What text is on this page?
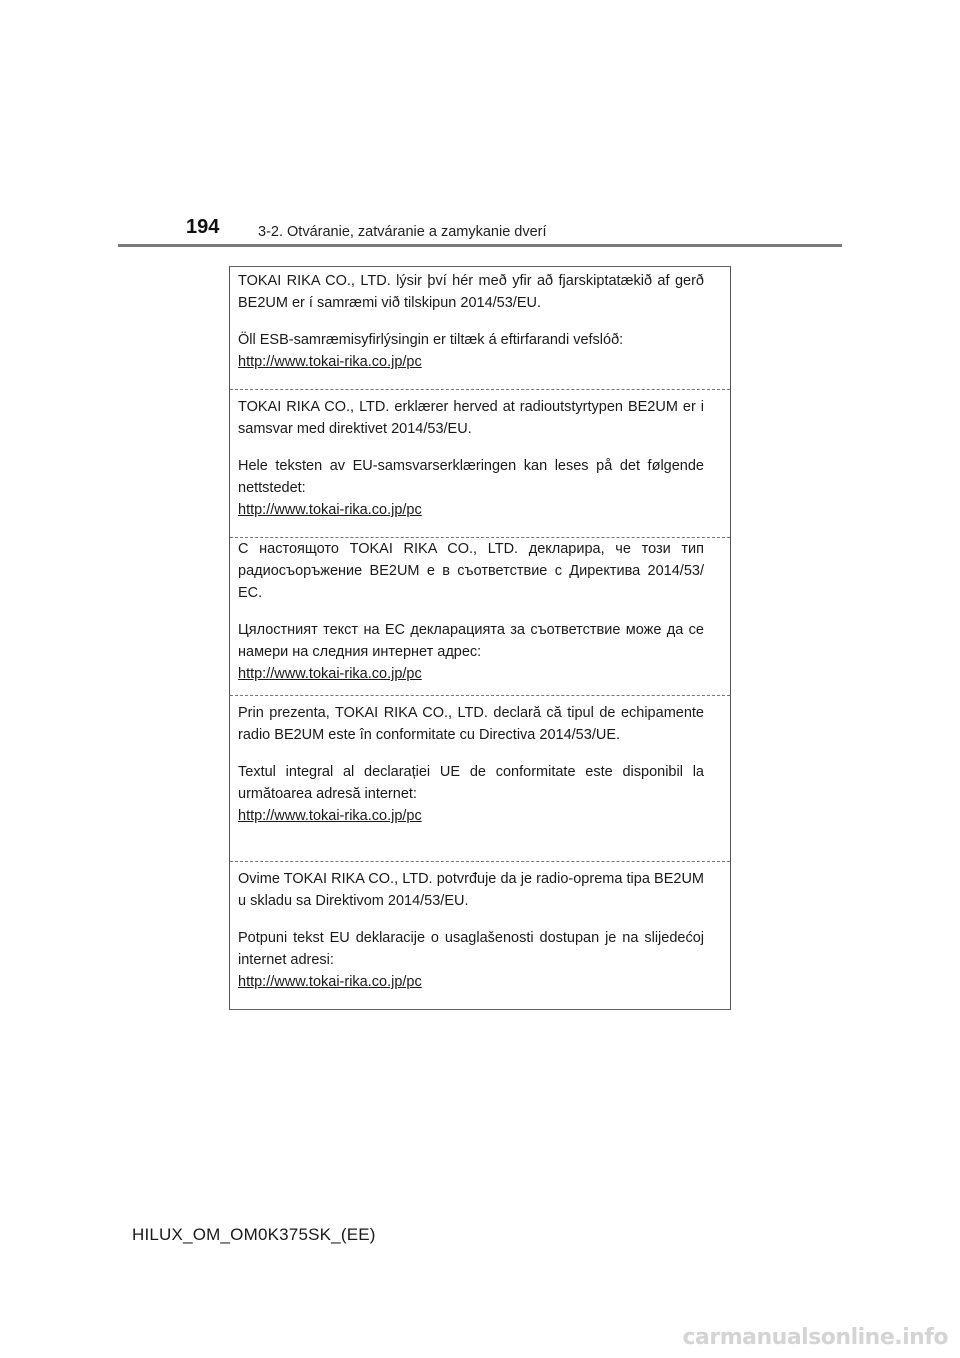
194	3-2. Otváranie, zatváranie a zamykanie dverí

TOKAI RIKA CO., LTD. lýsir því hér með yfir að fjarskiptatækið af gerð BE2UM er í samræmi við tilskipun 2014/53/EU.

Öll ESB-samræmisyfirlýsingin er tiltæk á eftirfarandi vefslóð:

http://www.tokai-rika.co.jp/pc

TOKAI RIKA CO., LTD. erklærer herved at radioutstyrtypen BE2UM er i samsvar med direktivet 2014/53/EU.

Hele teksten av EU-samsvarserklæringen kan leses på det følgende nettstedet:

http://www.tokai-rika.co.jp/pc

С настоящото TOKAI RIKA CO., LTD. декларира, че този тип радиосъоръжение BE2UM е в съответствие с Директива 2014/53/ЕС.

Цялостният текст на ЕС декларацията за съответствие може да се намери на следния интернет адрес:

http://www.tokai-rika.co.jp/pc

Prin prezenta, TOKAI RIKA CO., LTD. declară că tipul de echipamente radio BE2UM este în conformitate cu Directiva 2014/53/UE.

Textul integral al declarației UE de conformitate este disponibil la următoarea adresă internet:

http://www.tokai-rika.co.jp/pc

Ovime TOKAI RIKA CO., LTD. potvrđuje da je radio-oprema tipa BE2UM u skladu sa Direktivom 2014/53/EU.

Potpuni tekst EU deklaracije o usaglašenosti dostupan je na slijedećoj internet adresi:

http://www.tokai-rika.co.jp/pc
HILUX_OM_OM0K375SK_(EE)
carmanualsonline.info
